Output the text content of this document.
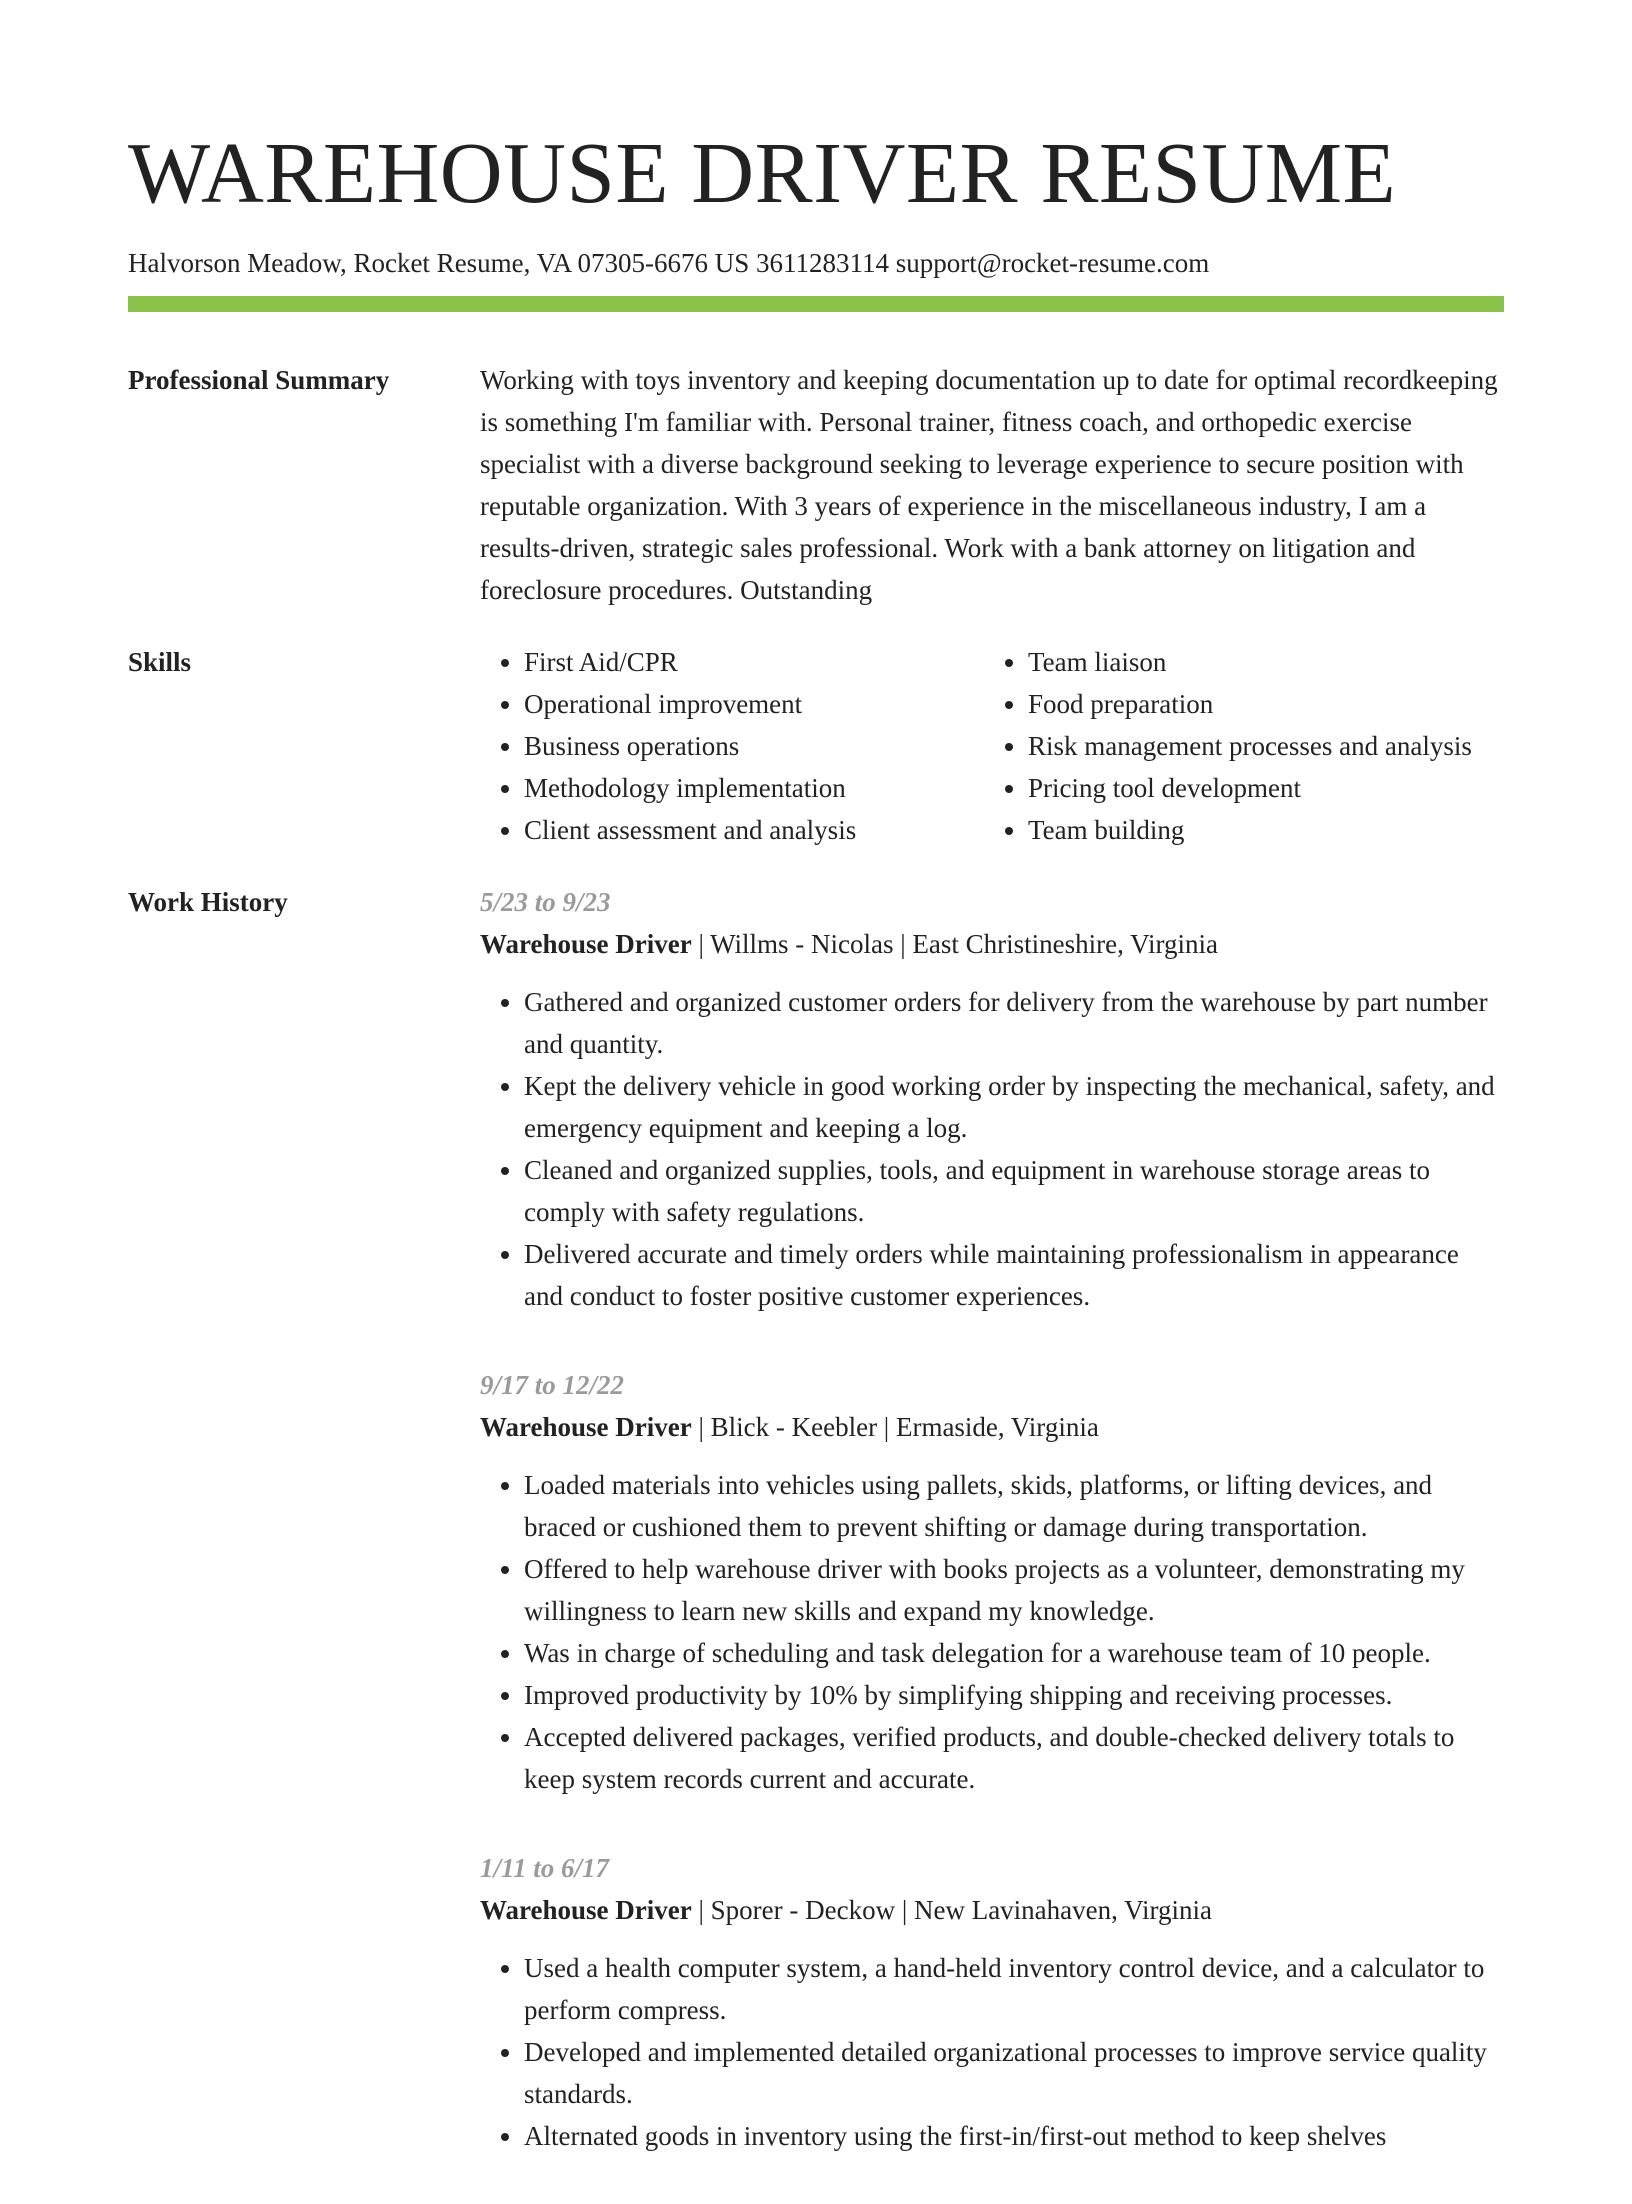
WAREHOUSE DRIVER RESUME
Halvorson Meadow, Rocket Resume, VA 07305-6676 US 3611283114 support@rocket-resume.com
Professional Summary	Working with toys inventory and keeping documentation up to date for optimal recordkeeping is something I'm familiar with. Personal trainer, fitness coach, and orthopedic exercise specialist with a diverse background seeking to leverage experience to secure position with reputable organization. With 3 years of experience in the miscellaneous industry, I am a results-driven, strategic sales professional. Work with a bank attorney on litigation and foreclosure procedures. Outstanding

Skills
•	First Aid/CPR
• Operational improvement
• Business operations
• Methodology implementation
• Client assessment and analysis
• Team liaison
• Food preparation
• Risk management processes and analysis
• Pricing tool development
• Team building
Work History	5/23 to 9/23
Warehouse Driver | Willms - Nicolas | East Christineshire, Virginia
• Gathered and organized customer orders for delivery from the warehouse by part number and quantity.
• Kept the delivery vehicle in good working order by inspecting the mechanical, safety, and emergency equipment and keeping a log.
• Cleaned and organized supplies, tools, and equipment in warehouse storage areas to comply with safety regulations.
• Delivered accurate and timely orders while maintaining professionalism in appearance and conduct to foster positive customer experiences.
9/17 to 12/22
Warehouse Driver | Blick - Keebler | Ermaside, Virginia
• Loaded materials into vehicles using pallets, skids, platforms, or lifting devices, and braced or cushioned them to prevent shifting or damage during transportation.
• Offered to help warehouse driver with books projects as a volunteer, demonstrating my willingness to learn new skills and expand my knowledge.
• Was in charge of scheduling and task delegation for a warehouse team of 10 people.
• Improved productivity by 10% by simplifying shipping and receiving processes.
• Accepted delivered packages, verified products, and double-checked delivery totals to keep system records current and accurate.
1/11 to 6/17
Warehouse Driver | Sporer - Deckow | New Lavinahaven, Virginia
• Used a health computer system, a hand-held inventory control device, and a calculator to perform compress.
• Developed and implemented detailed organizational processes to improve service quality standards.
• Alternated goods in inventory using the first-in/first-out method to keep shelves
